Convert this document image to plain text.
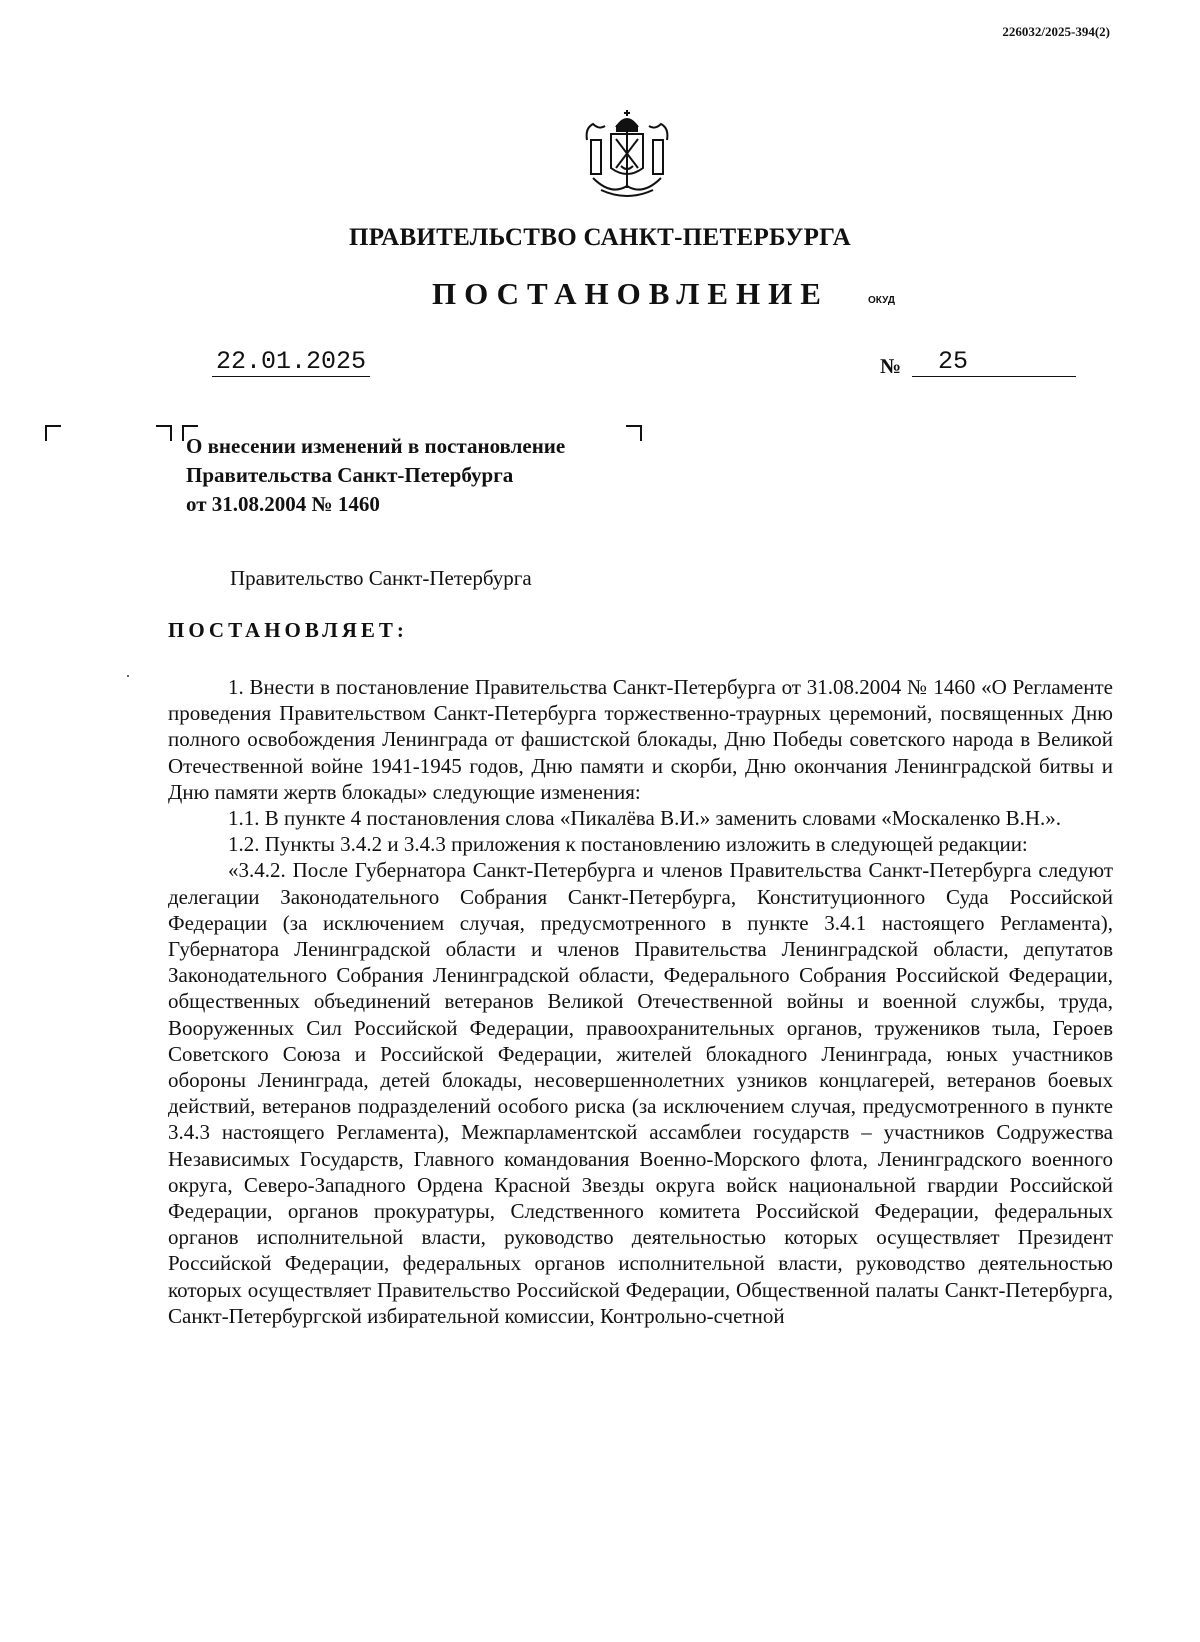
226032/2025-394(2)
ПРАВИТЕЛЬСТВО САНКТ-ПЕТЕРБУРГА
ПОСТАНОВЛЕНИЕ	ОКУД
22.01.2025	№	25
О внесении изменений в постановление
Правительства Санкт-Петербурга
от 31.08.2004 № 1460
Правительство Санкт-Петербурга
ПОСТАНОВЛЯЕТ:

1. Внести в постановление Правительства Санкт-Петербурга от 31.08.2004 № 1460 «О Регламенте проведения Правительством Санкт-Петербурга торжественно-траурных церемоний, посвященных Дню полного освобождения Ленинграда от фашистской блокады, Дню Победы советского народа в Великой Отечественной войне 1941-1945 годов, Дню памяти и скорби, Дню окончания Ленинградской битвы и Дню памяти жертв блокады» следующие изменения:

1.1. В пункте 4 постановления слова «Пикалёва В.И.» заменить словами «Москаленко В.Н.».

1.2. Пункты 3.4.2 и 3.4.3 приложения к постановлению изложить в следующей редакции:

«3.4.2. После Губернатора Санкт-Петербурга и членов Правительства Санкт-Петербурга следуют делегации Законодательного Собрания Санкт-Петербурга, Конституционного Суда Российской Федерации (за исключением случая, предусмотренного в пункте 3.4.1 настоящего Регламента), Губернатора Ленинградской области и членов Правительства Ленинградской области, депутатов Законодательного Собрания Ленинградской области, Федерального Собрания Российской Федерации, общественных объединений ветеранов Великой Отечественной войны и военной службы, труда, Вооруженных Сил Российской Федерации, правоохранительных органов, тружеников тыла, Героев Советского Союза и Российской Федерации, жителей блокадного Ленинграда, юных участников обороны Ленинграда, детей блокады, несовершеннолетних узников концлагерей, ветеранов боевых действий, ветеранов подразделений особого риска (за исключением случая, предусмотренного в пункте 3.4.3 настоящего Регламента), Межпарламентской ассамблеи государств – участников Содружества Независимых Государств, Главного командования Военно-Морского флота, Ленинградского военного округа, Северо-Западного Ордена Красной Звезды округа войск национальной гвардии Российской Федерации, органов прокуратуры, Следственного комитета Российской Федерации, федеральных органов исполнительной власти, руководство деятельностью которых осуществляет Президент Российской Федерации, федеральных органов исполнительной власти, руководство деятельностью которых осуществляет Правительство Российской Федерации, Общественной палаты Санкт-Петербурга, Санкт-Петербургской избирательной комиссии, Контрольно-счетной
